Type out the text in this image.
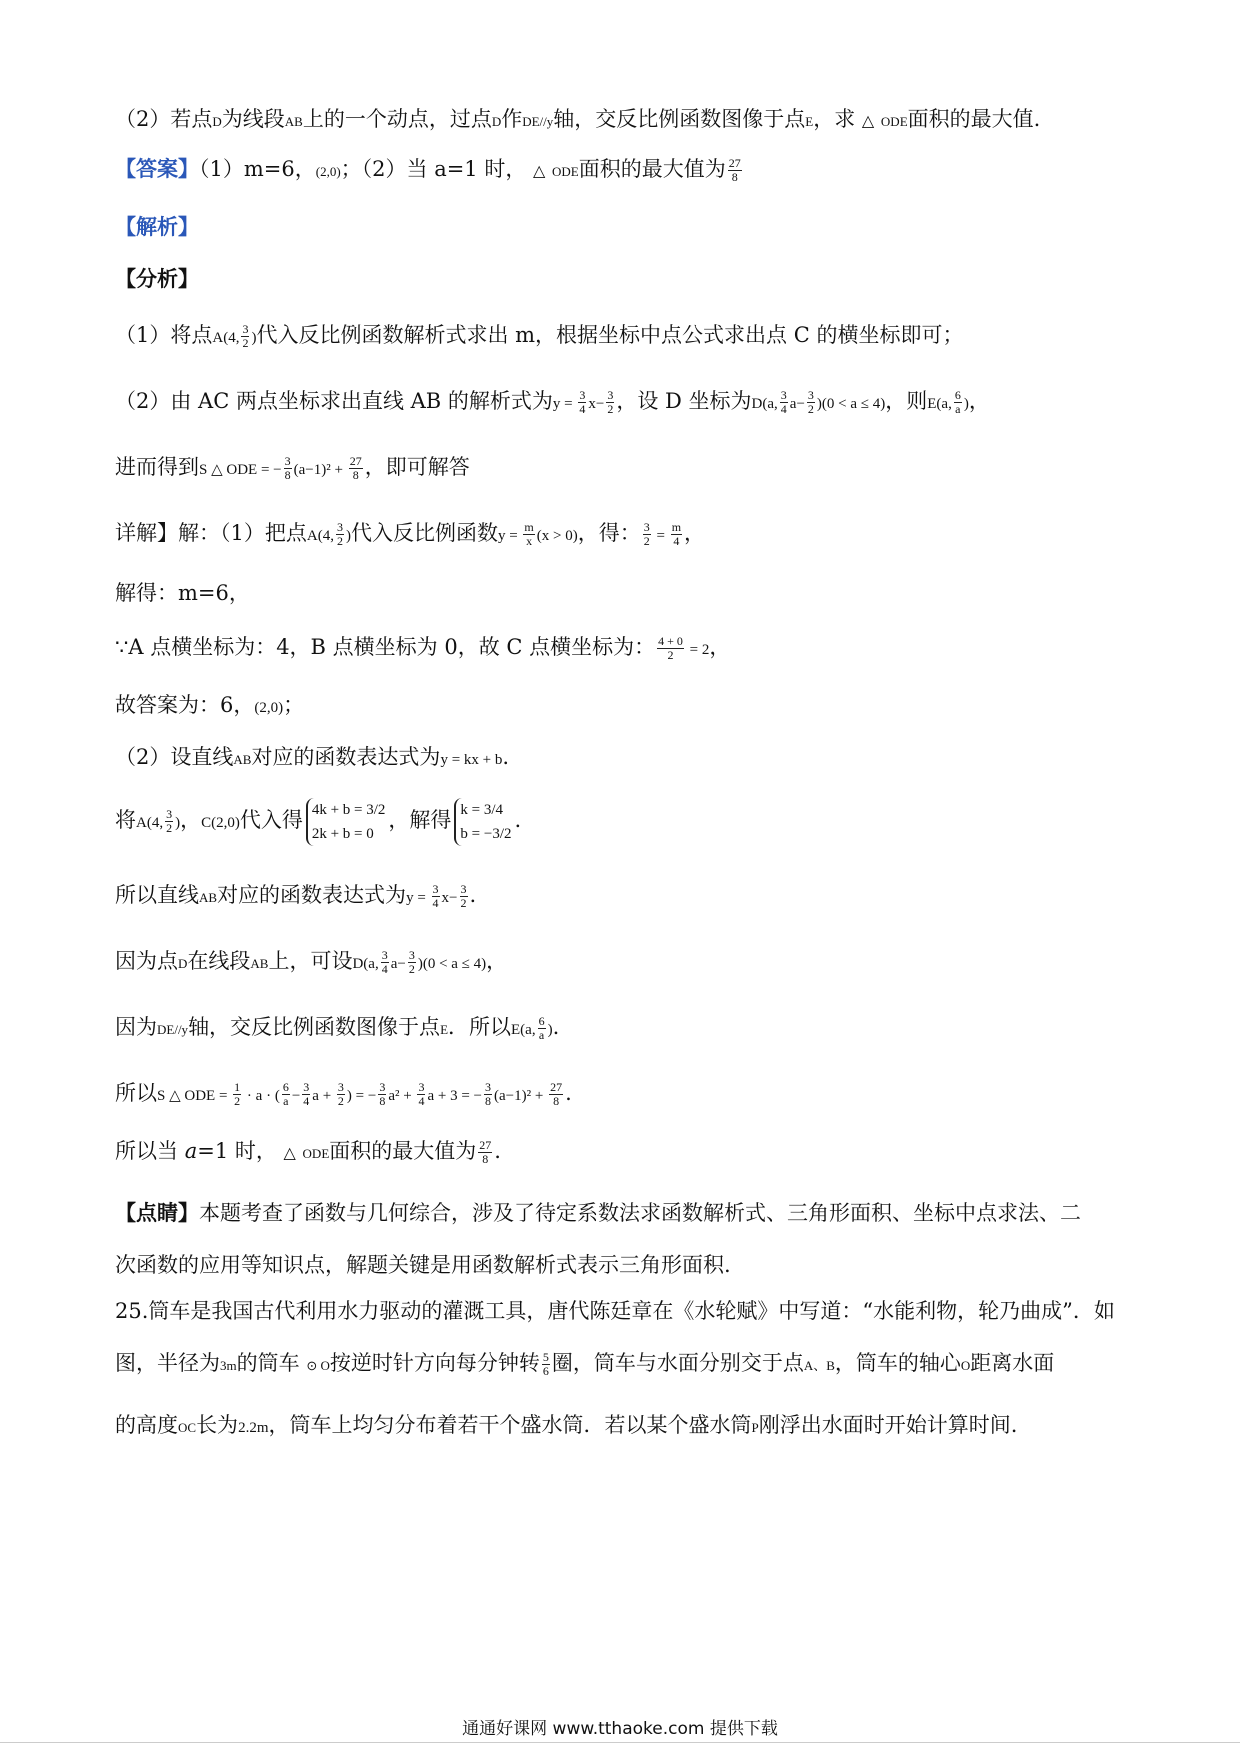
（2）若点D为线段AB上的一个动点，过点D作DE//y轴，交反比例函数图像于点E，求 △ ODE面积的最大值.
【答案】（1）m=6，(2,0)；（2）当 a=1 时， △ ODE面积的最大值为 $\frac{27}{8}$
【解析】
【分析】
（1）将点A(4, $\frac{3}{2}$ )代入反比例函数解析式求出 m，根据坐标中点公式求出点 C 的横坐标即可；
（2）由 AC 两点坐标求出直线 AB 的解析式为$y = \frac{3}{4} x- \frac{3}{2}$ ，设 D 坐标为D(a, $\frac{3}{4} a- \frac{3}{2} )(0 < a \le 4)$，则E(a, $\frac{6}{a}$ )，
进而得到S △ ODE = − $\frac{3}{8} (a-1)^2 + \frac{27}{8}$ ，即可解答
详解】解：（1）把点A(4, $\frac{3}{2}$ )代入反比例函数$y = \frac{m}{x} (x > 0)$，得： $\frac{3}{2} = \frac{m}{4}$ ，
解得：m=6，
∵A 点横坐标为：4，B 点横坐标为 0，故 C 点横坐标为： $\frac{4 + 0}{2} = 2$，
故答案为：6，(2,0)；
（2）设直线AB对应的函数表达式为y = kx + b.
将A(4, $\frac{3}{2}$ )，C(2,0)代入得 4k + b = 3/2
2k + b = 0
，解得 k = 3/4
b = −3/2
.
所以直线AB对应的函数表达式为$y = \frac{3}{4} x- \frac{3}{2}$ .
因为点D在线段AB上，可设D(a, $\frac{3}{4} a- \frac{3}{2} )(0 < a \le 4)$，
因为DE//y轴，交反比例函数图像于点E．所以E(a, $\frac{6}{a}$ ).
所以S △ ODE = $\frac{1}{2} \cdot a$ · ( $\frac{6}{a} - \frac{3}{4}$ $a + \frac{3}{2}$ ) = − $\frac{3}{8} a^2 + \frac{3}{4}$ a + 3 = − $\frac{3}{8} (a-1)^2 + \frac{27}{8}$ .
所以当 a=1 时， △ ODE面积的最大值为 $\frac{27}{8}$ .
【点睛】本题考查了函数与几何综合，涉及了待定系数法求函数解析式、三角形面积、坐标中点求法、二
次函数的应用等知识点，解题关键是用函数解析式表示三角形面积.
25.筒车是我国古代利用水力驱动的灌溉工具，唐代陈廷章在《水轮赋》中写道：“水能利物，轮乃曲成”．如
图，半径为3m的筒车 ⊙ O按逆时针方向每分钟转 $\frac{5}{6}$ 圈，筒车与水面分别交于点A、B，筒车的轴心O距离水面
的高度OC长为2.2m，筒车上均匀分布着若干个盛水筒．若以某个盛水筒P刚浮出水面时开始计算时间.
通通好课网 www.tthaoke.com 提供下载
